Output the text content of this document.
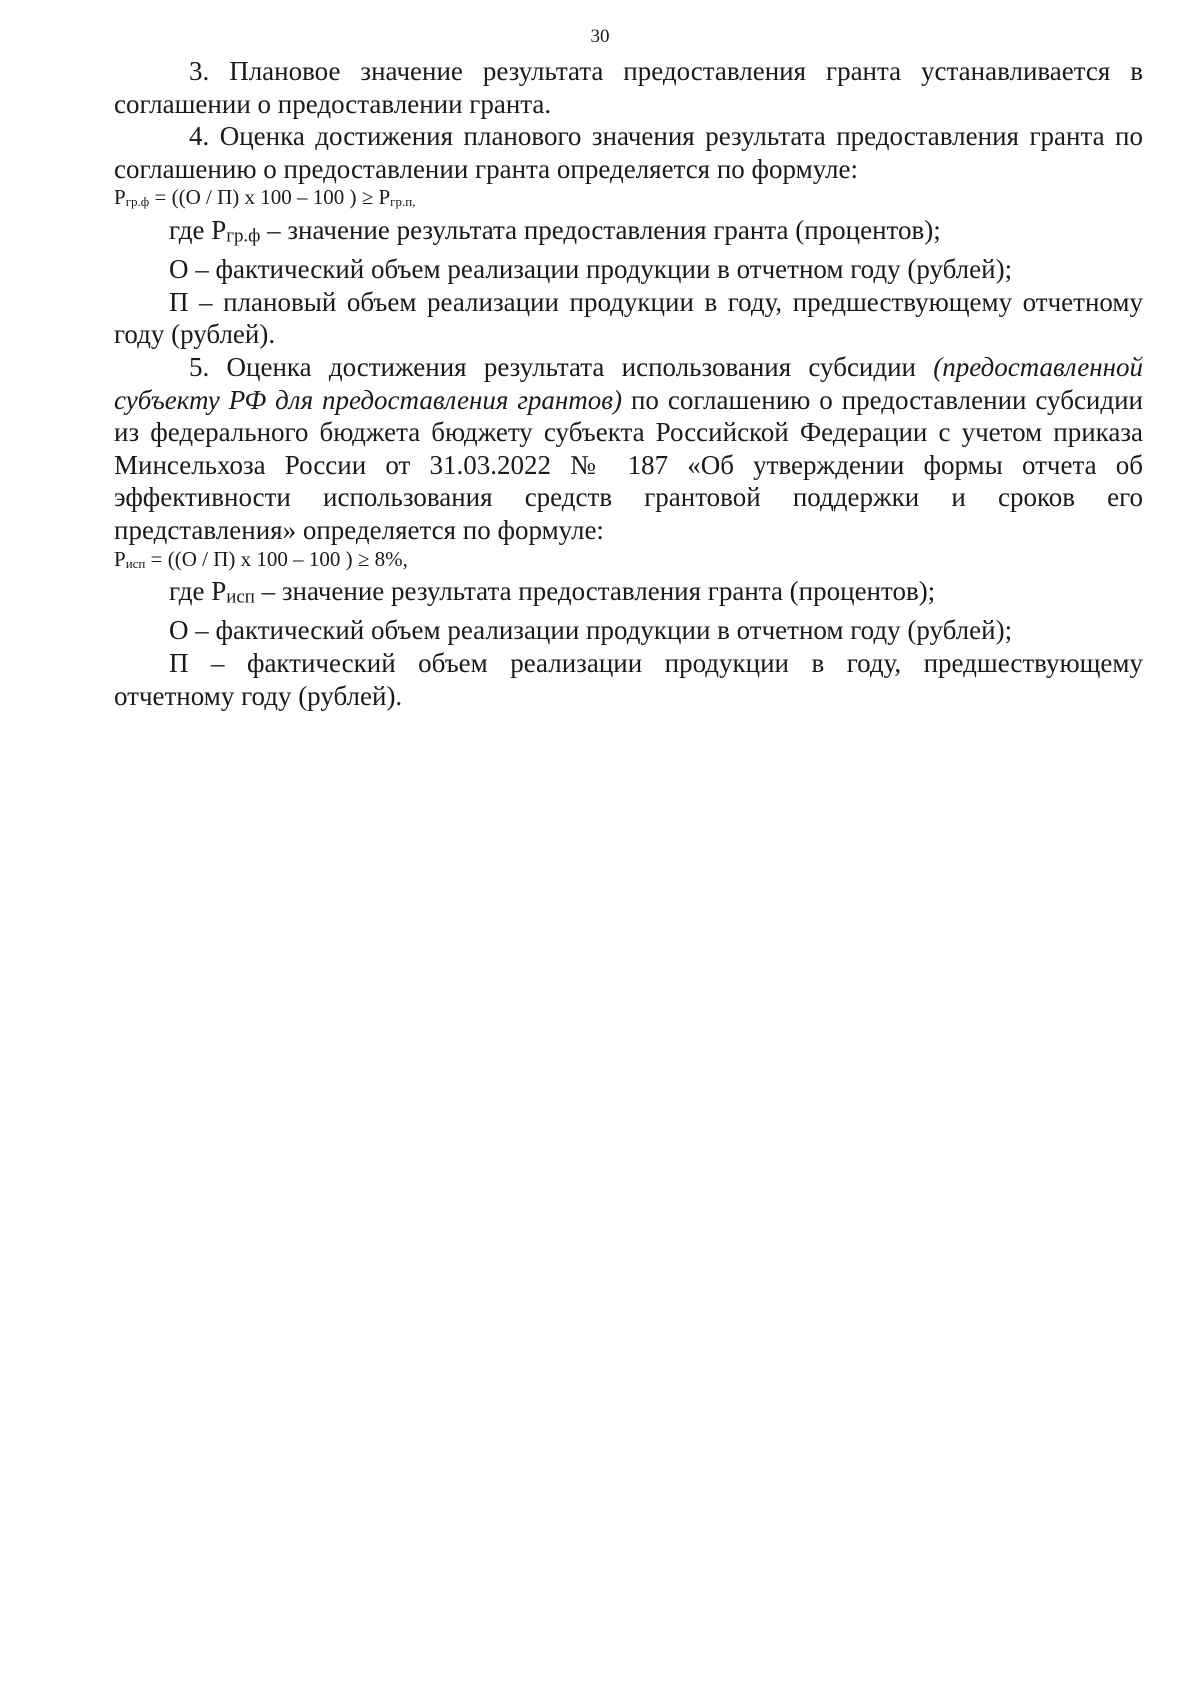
30

3. Плановое значение результата предоставления гранта устанавливается в соглашении о предоставлении гранта.

4. Оценка достижения планового значения результата предоставления гранта по соглашению о предоставлении гранта определяется по формуле:

Ргр.ф = ((О / П) х 100 – 100 ) ≥ Ргр.п,

где Ргр.ф – значение результата предоставления гранта (процентов);

О – фактический объем реализации продукции в отчетном году (рублей);

П – плановый объем реализации продукции в году, предшествующему отчетному году (рублей).

5. Оценка достижения результата использования субсидии (предоставленной субъекту РФ для предоставления грантов) по соглашению о предоставлении субсидии из федерального бюджета бюджету субъекта Российской Федерации с учетом приказа Минсельхоза России от 31.03.2022 № 187 «Об утверждении формы отчета об эффективности использования средств грантовой поддержки и сроков его представления» определяется по формуле:

Рисп = ((О / П) х 100 – 100 ) ≥ 8%,

где Рисп – значение результата предоставления гранта (процентов);

О – фактический объем реализации продукции в отчетном году (рублей);

П – фактический объем реализации продукции в году, предшествующему отчетному году (рублей).
